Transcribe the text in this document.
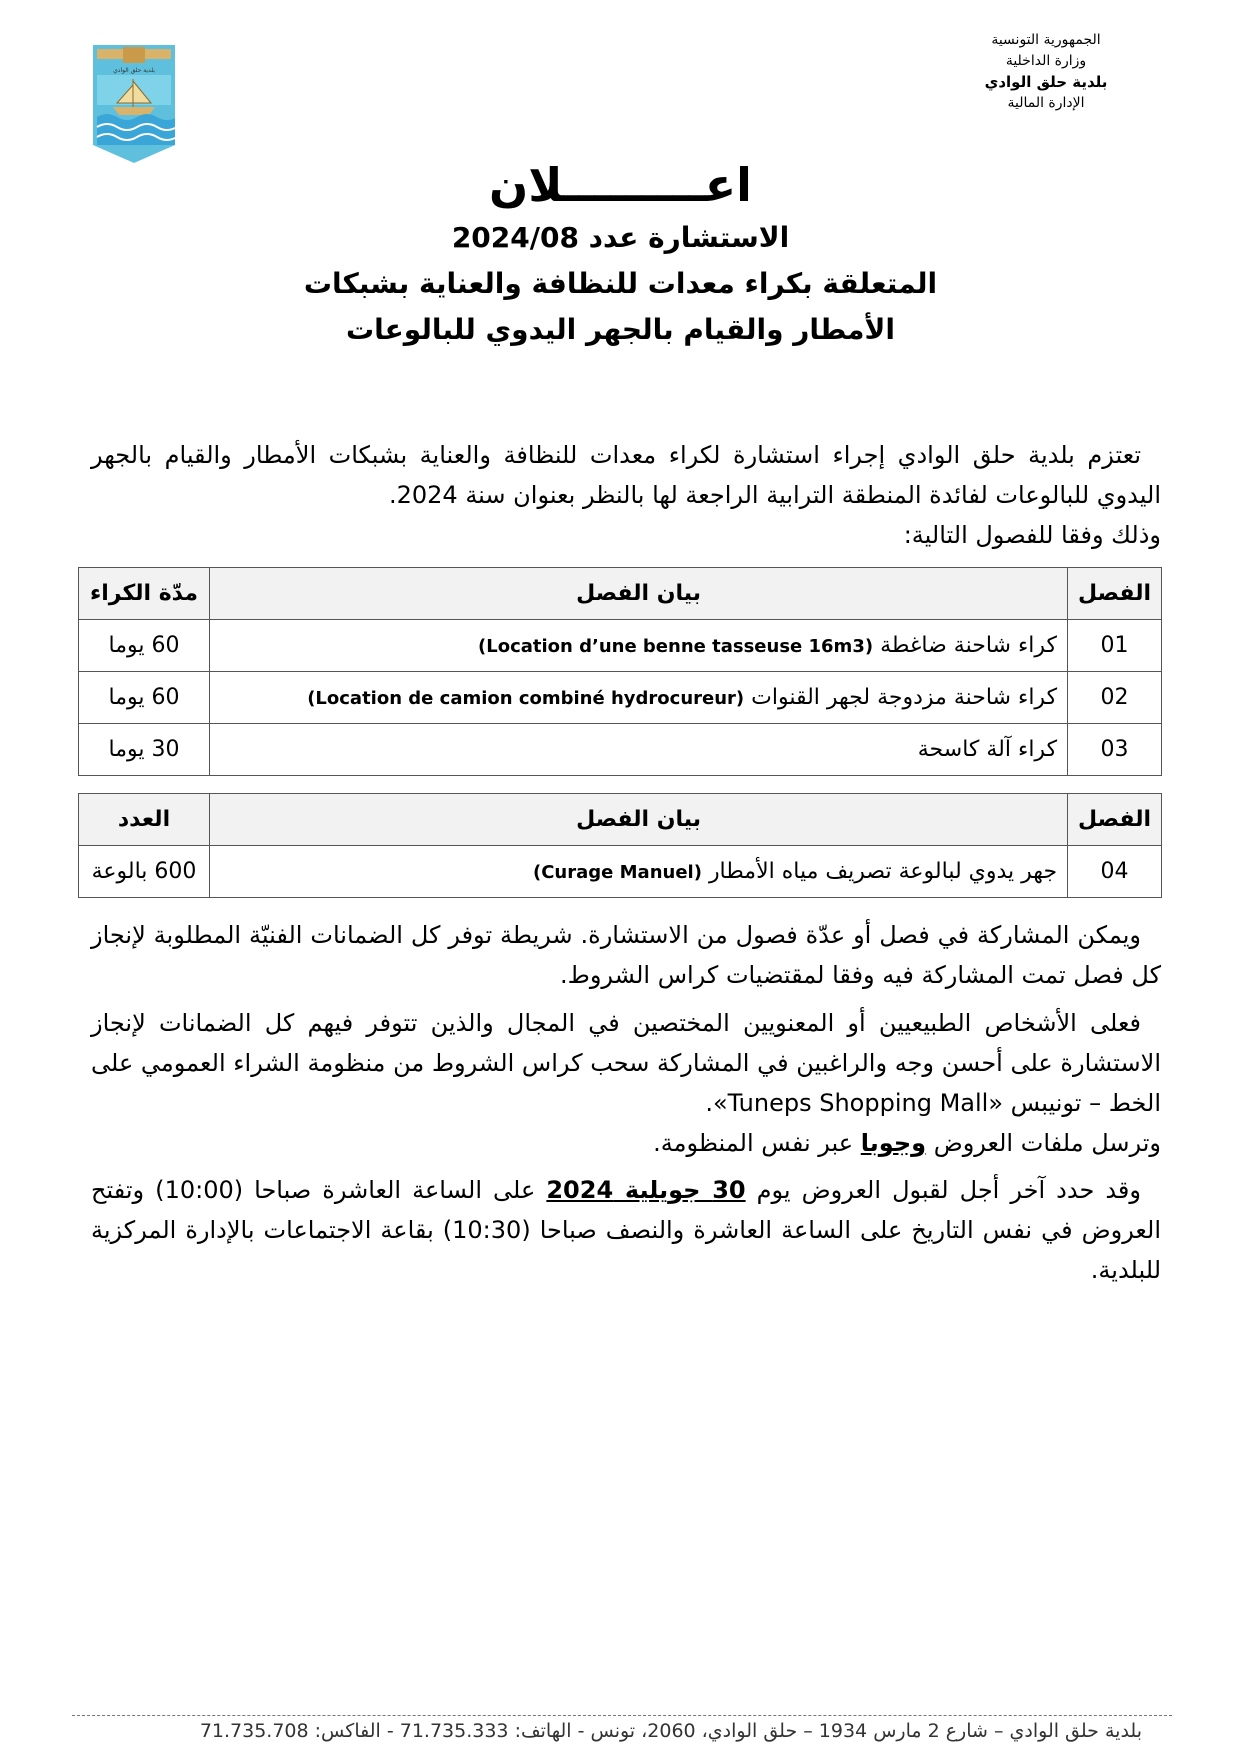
الجمهورية التونسية
وزارة الداخلية
بلدية حلق الوادي
الإدارة المالية
بلدية حلق الوادي
اعـــــــــلان
الاستشارة عدد 2024/08
المتعلقة بكراء معدات للنظافة والعناية بشبكات
الأمطار والقيام بالجهر اليدوي للبالوعات
تعتزم بلدية حلق الوادي إجراء استشارة لكراء معدات للنظافة والعناية بشبكات الأمطار والقيام بالجهر اليدوي للبالوعات لفائدة المنطقة الترابية الراجعة لها بالنظر بعنوان سنة 2024.
وذلك وفقا للفصول التالية:
الفصل	بيان الفصل	مدّة الكراء
01	كراء شاحنة ضاغطة (Location d’une benne tasseuse 16m3)	60 يوما
02	كراء شاحنة مزدوجة لجهر القنوات (Location de camion combiné hydrocureur)	60 يوما
03	كراء آلة كاسحة	30 يوما
الفصل	بيان الفصل	العدد
04	جهر يدوي لبالوعة تصريف مياه الأمطار (Curage Manuel)	600 بالوعة
ويمكن المشاركة في فصل أو عدّة فصول من الاستشارة. شريطة توفر كل الضمانات الفنيّة المطلوبة لإنجاز كل فصل تمت المشاركة فيه وفقا لمقتضيات كراس الشروط.
فعلى الأشخاص الطبيعيين أو المعنويين المختصين في المجال والذين تتوفر فيهم كل الضمانات لإنجاز الاستشارة على أحسن وجه والراغبين في المشاركة سحب كراس الشروط من منظومة الشراء العمومي على الخط – تونيبس «Tuneps Shopping Mall».
وترسل ملفات العروض وجوبا عبر نفس المنظومة.
وقد حدد آخر أجل لقبول العروض يوم 30 جويلية 2024 على الساعة العاشرة صباحا (10:00) وتفتح العروض في نفس التاريخ على الساعة العاشرة والنصف صباحا (10:30) بقاعة الاجتماعات بالإدارة المركزية للبلدية.
بلدية حلق الوادي – شارع 2 مارس 1934 – حلق الوادي، 2060، تونس - الهاتف: 71.735.333 - الفاكس: 71.735.708
